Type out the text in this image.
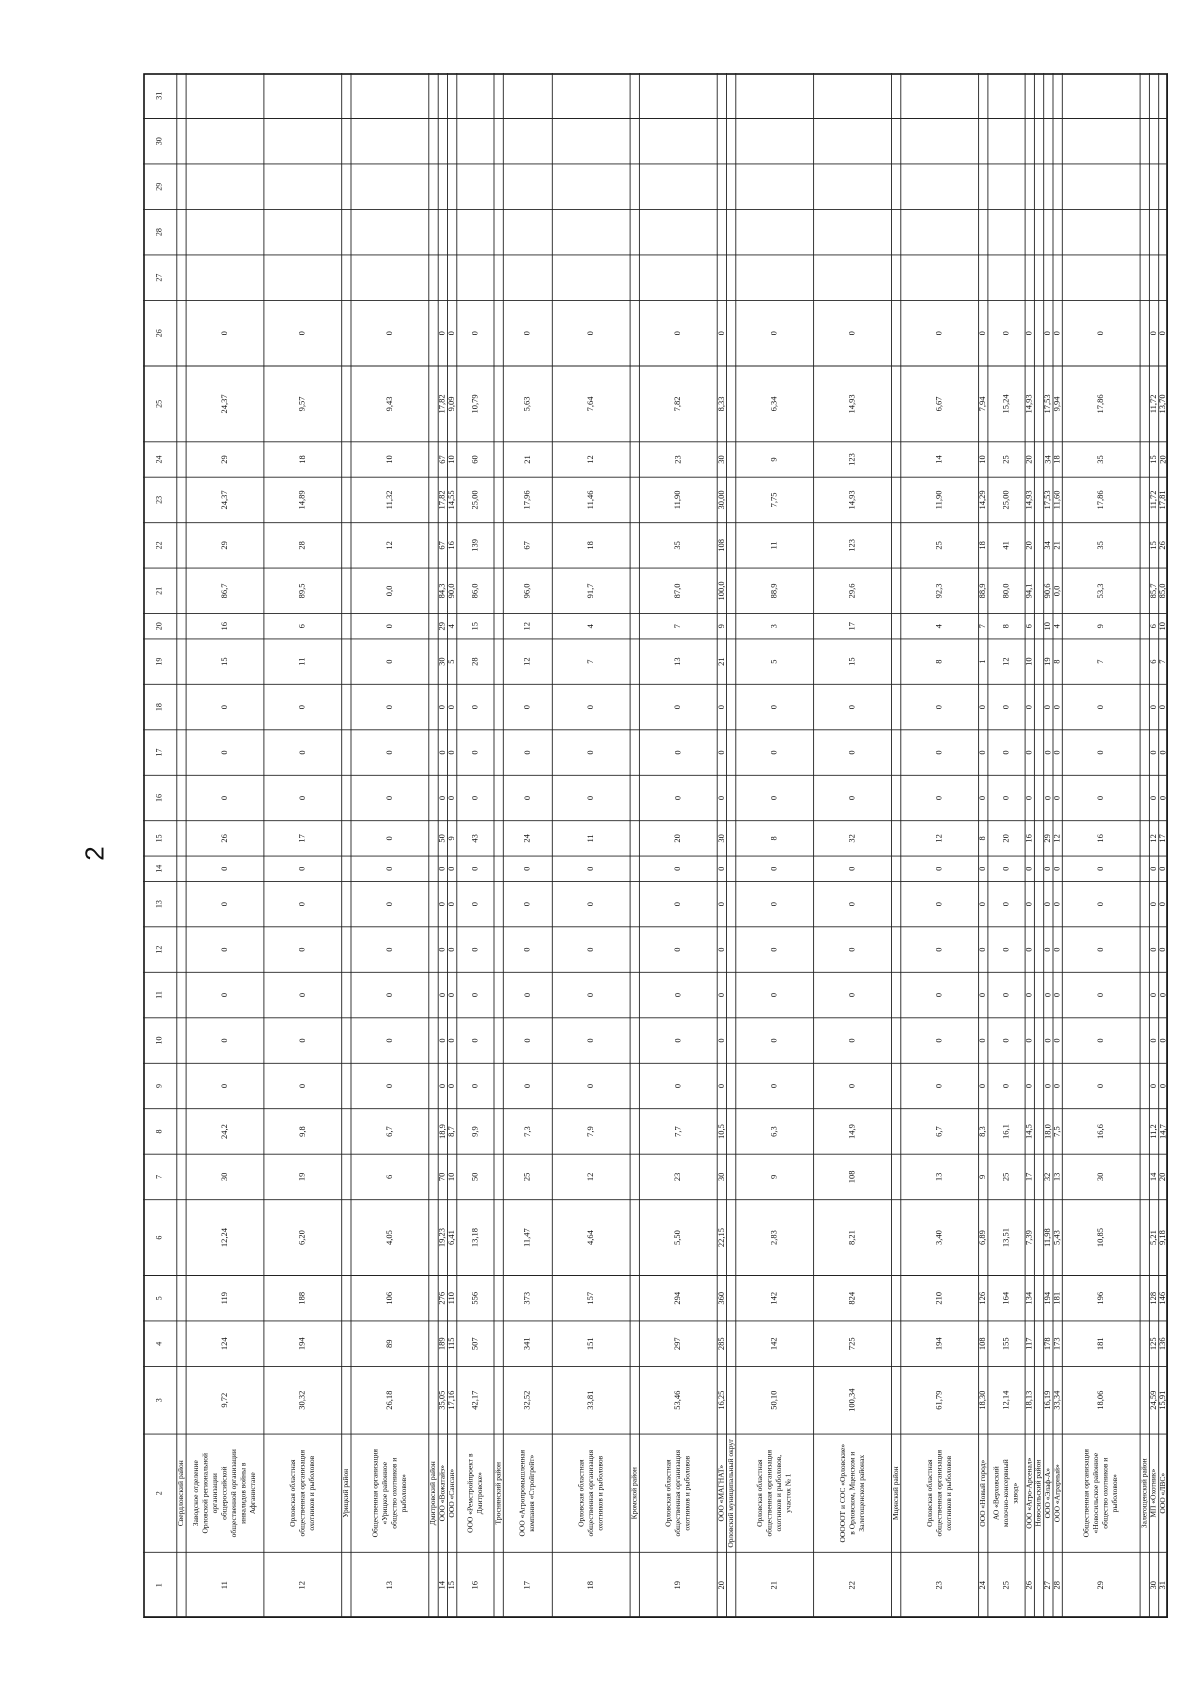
2
1
2
3
4
5
6
7
8
9
10
11
12
13
14
15
16
17
18
19
20
21
22
23
24
25
26
27
28
29
30
31
Свердловский район
11
Заводское отделение Орловской региональной организации общероссийской общественной организации инвалидов войны в Афганистане
9,72
124
119
12,24
30
24,2
0
0
0
0
0
0
26
0
0
0
15
16
86,7
29
24,37
29
24,37
0
12
Орловская областная общественная организация охотников и рыболовов
30,32
194
188
6,20
19
9,8
0
0
0
0
0
0
17
0
0
0
11
6
89,5
28
14,89
18
9,57
0
Урицкий район
13
Общественная организация «Урицкое районное общество охотников и рыболовов»
26,18
89
106
4,05
6
6,7
0
0
0
0
0
0
0
0
0
0
0
0
0,0
12
11,32
10
9,43
0
Дмитровский район
14
ООО «Вожатайэ»
35,05
189
276
19,23
70
18,9
0
0
0
0
0
0
50
0
0
0
30
29
84,3
67
17,82
67
17,82
0
15
ООО «Сансан»
17,16
115
110
6,41
10
8,7
0
0
0
0
0
0
9
0
0
0
5
4
90,0
16
14,55
10
9,09
0
16
ООО «Ремстройпроект в Дмитровске»
42,17
507
556
13,18
50
9,9
0
0
0
0
0
0
43
0
0
0
28
15
86,0
139
25,00
60
10,79
0
Троснянский район
17
ООО «Агропромышленная компания «Стройгрейт»
32,52
341
373
11,47
25
7,3
0
0
0
0
0
0
24
0
0
0
12
12
96,0
67
17,96
21
5,63
0
18
Орловская областная общественная организация охотников и рыболовов
33,81
151
157
4,64
12
7,9
0
0
0
0
0
0
11
0
0
0
7
4
91,7
18
11,46
12
7,64
0
Кромской район
19
Орловская областная общественная организация охотников и рыболовов
53,46
297
294
5,50
23
7,7
0
0
0
0
0
0
20
0
0
0
13
7
87,0
35
11,90
23
7,82
0
20
ООО «МАГНАТ»
16,25
285
360
22,15
30
10,5
0
0
0
0
0
0
30
0
0
0
21
9
100,0
108
30,00
30
8,33
0
Орловский муниципальный округ
21
Орловская областная общественная организация охотников и рыболовов, участок № 1
50,10
142
142
2,83
9
6,3
0
0
0
0
0
0
8
0
0
0
5
3
88,9
11
7,75
9
6,34
0
22
ОООООТ и СОС «Орловские» в Орловском, Мценском и Залегощенском районах
100,34
725
824
8,21
108
14,9
0
0
0
0
0
0
32
0
0
0
15
17
29,6
123
14,93
123
14,93
0
Мценский район
23
Орловская областная общественная организация охотников и рыболовов
61,79
194
210
3,40
13
6,7
0
0
0
0
0
0
12
0
0
0
8
4
92,3
25
11,90
14
6,67
0
24
ООО «Новый город»
18,30
108
126
6,89
9
8,3
0
0
0
0
0
0
8
0
0
0
1
7
88,9
18
14,29
10
7,94
0
25
АО «Верховский молочно-консервный завод»
12,14
155
164
13,51
25
16,1
0
0
0
0
0
0
20
0
0
0
12
8
80,0
41
25,00
25
15,24
0
26
ООО «Агро-Арсенал»
18,13
117
134
7,39
17
14,5
0
0
0
0
0
0
16
0
0
0
10
6
94,1
20
14,93
20
14,93
0
Новосильский район
27
ООО «Элаф-А»
16,19
178
194
11,98
32
18,0
0
0
0
0
0
0
29
0
0
0
19
10
90,6
34
17,53
34
17,53
0
28
ООО «Аграрный»
33,34
173
181
5,43
13
7,5
0
0
0
0
0
0
12
0
0
0
8
4
0,0
21
11,60
18
9,94
0
29
Общественная организация «Новосильское районное общество охотников и рыболовов»
18,06
181
196
10,85
30
16,6
0
0
0
0
0
0
16
0
0
0
7
9
53,3
35
17,86
35
17,86
0
Залегощенский район
30
МП «Охотник»
24,59
125
128
5,21
14
11,2
0
0
0
0
0
0
12
0
0
0
6
6
85,7
15
11,72
15
11,72
0
31
ООО «ЛВС»
15,91
136
146
9,18
20
14,7
0
0
0
0
0
0
17
0
0
0
7
10
85,0
26
17,81
20
13,70
0
